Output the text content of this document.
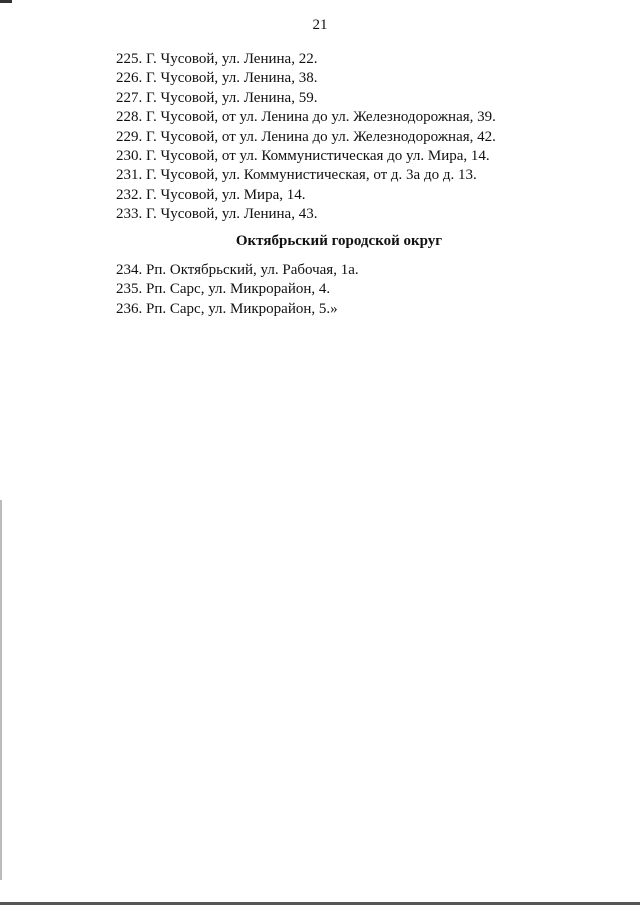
21
225. Г. Чусовой, ул. Ленина, 22.
226. Г. Чусовой, ул. Ленина, 38.
227. Г. Чусовой, ул. Ленина, 59.
228. Г. Чусовой, от ул. Ленина до ул. Железнодорожная, 39.
229. Г. Чусовой, от ул. Ленина до ул. Железнодорожная, 42.
230. Г. Чусовой, от ул. Коммунистическая до ул. Мира, 14.
231. Г. Чусовой, ул. Коммунистическая, от д. 3а до д. 13.
232. Г. Чусовой, ул. Мира, 14.
233. Г. Чусовой, ул. Ленина, 43.
Октябрьский городской округ
234. Рп. Октябрьский, ул. Рабочая, 1а.
235. Рп. Сарс, ул. Микрорайон, 4.
236. Рп. Сарс, ул. Микрорайон, 5.»
